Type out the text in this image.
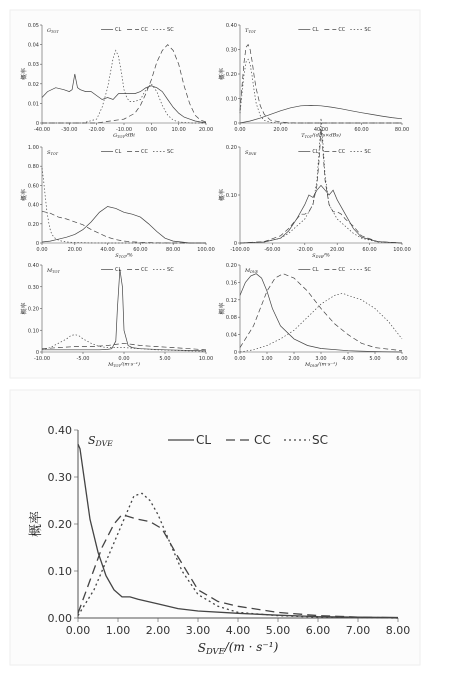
-40.00 -30.00 -20.00 -10.00	0.00	10.00	20.00
0
0.01
0.02
0.03
0.04
0.05
GTOT	CL	CC	SC
GTOT/dBi
概率
0.00	20.00	40.00	60.00	80.00
0
0.10
0.20
0.30
0.40
TTOT	CL	CC	SC
TTOT/(dBs×dBs)
概率
0.00	20.00	40.00	60.00	80.00	100.00
0
0.20
0.40
0.60
0.80
1.00
STOT	CL	CC	SC
STOT/%
概率
-100.00	-60.00	-20.00	20.00	60.00	100.00
0
0.10
0.20
SDVE	CL	CC	SC
SDVE/%
概率
-10.00	-5.00	0.00	5.00	10.00
0
0.10
0.20
0.30
0.40
MTOT	CL	CC	SC
MTOT/(m·s⁻¹)
概率
0.00	1.00	2.00	3.00	4.00	5.00	6.00
0
0.04
0.08
0.12
0.16
0.20
MDVE	CL	CC	SC
MDVE/(m·s⁻¹)
概率
0.00 1.00 2.00 3.00 4.00 5.00 6.00 7.00 8.00
0.00
0.10
0.20
0.30
0.40
SDVE	CL	CC	SC
SDVE/(m · s⁻¹)
概率
